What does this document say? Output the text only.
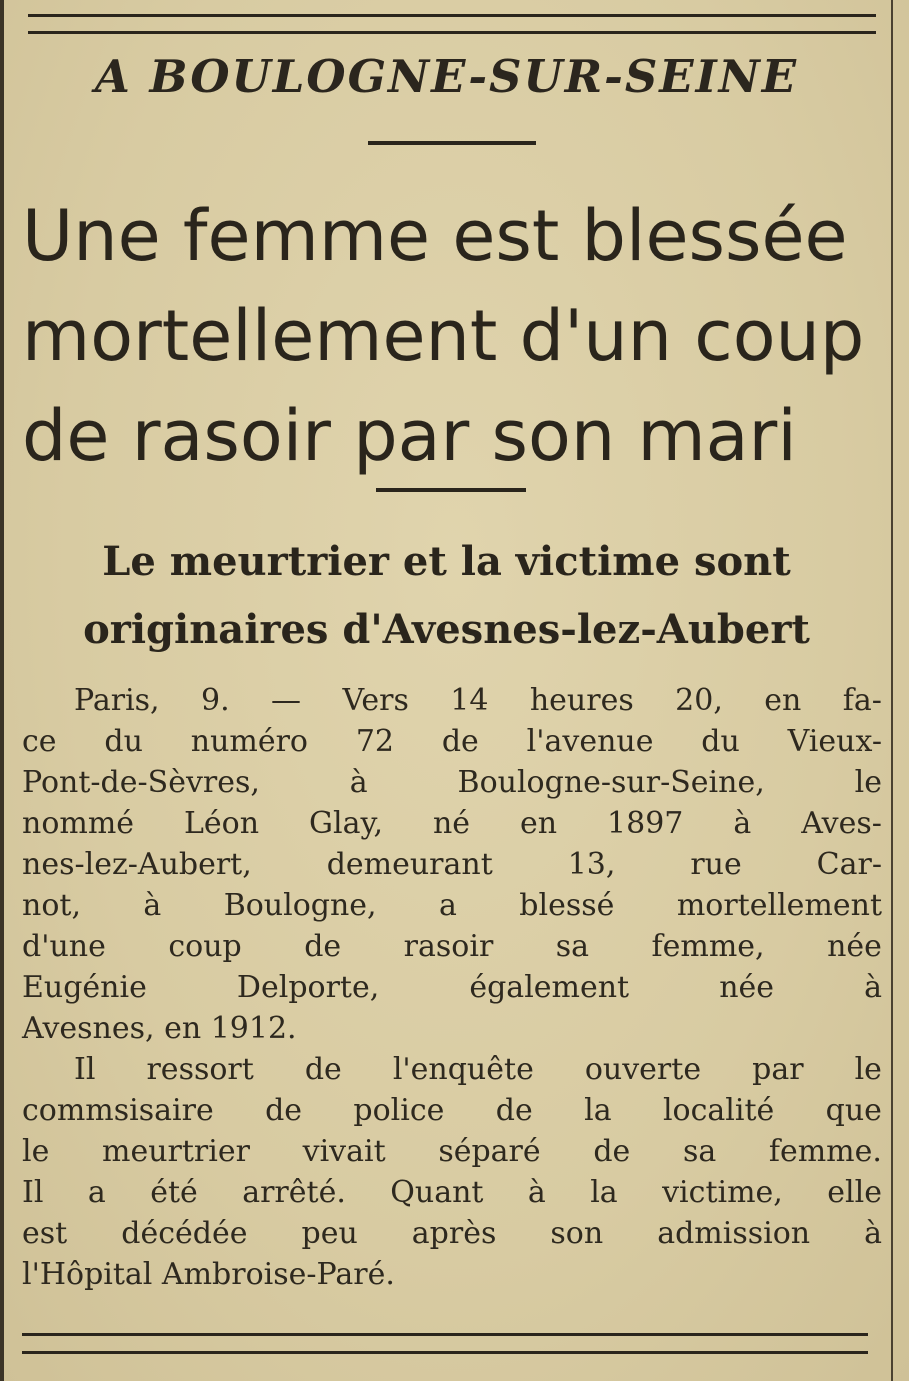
A BOULOGNE-SUR-SEINE
Une femme est blessée
mortellement d'un coup
de rasoir par son mari
Le meurtrier et la victime sont
originaires d'Avesnes-lez-Aubert
Paris, 9. — Vers 14 heures 20, en fa-
ce du numéro 72 de l'avenue du Vieux-
Pont-de-Sèvres,	à	Boulogne-sur-Seine,	le
nommé Léon Glay, né en 1897 à Aves-
nes-lez-Aubert, demeurant 13, rue Car-
not, à Boulogne, a blessé mortellement
d'une coup de rasoir sa femme, née
Eugénie	Delporte,	également	née	à
Avesnes, en 1912.
Il ressort de l'enquête ouverte par le
commsisaire de police de la localité que
le meurtrier vivait séparé de sa femme.
Il a été arrêté. Quant à la victime, elle
est décédée peu après son admission à
l'Hôpital Ambroise-Paré.
